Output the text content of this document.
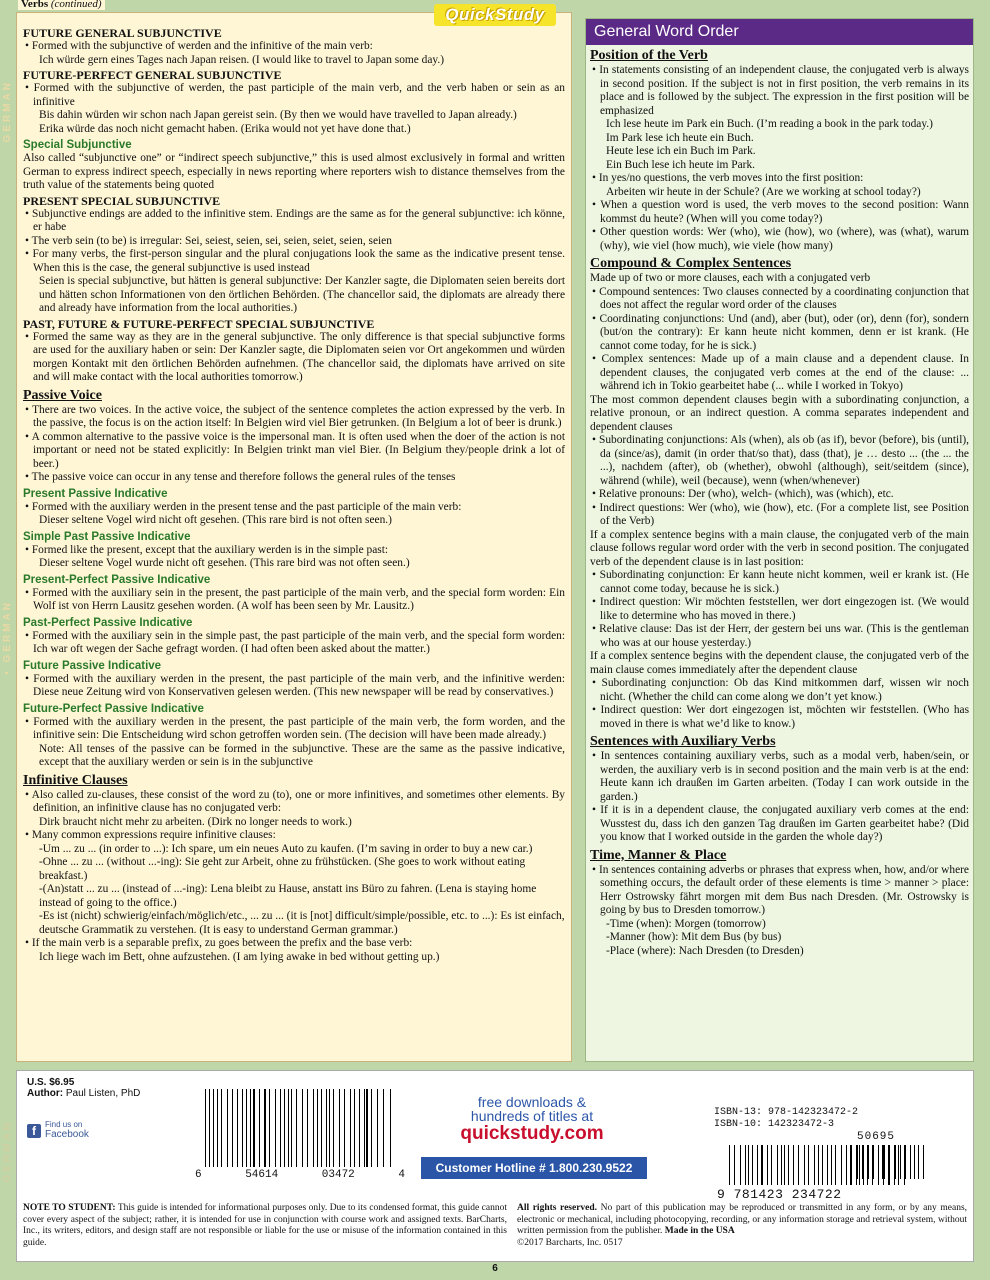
FUTURE GENERAL SUBJUNCTIVE

• Formed with the subjunctive of werden and the infinitive of the main verb:

Ich würde gern eines Tages nach Japan reisen. (I would like to travel to Japan some day.)

FUTURE-PERFECT GENERAL SUBJUNCTIVE

• Formed with the subjunctive of werden, the past participle of the main verb, and the verb haben or sein as an infinitive

Bis dahin würden wir schon nach Japan gereist sein. (By then we would have travelled to Japan already.)

Erika würde das noch nicht gemacht haben. (Erika would not yet have done that.)

Special Subjunctive

Also called “subjunctive one” or “indirect speech subjunctive,” this is used almost exclusively in formal and written German to express indirect speech, especially in news reporting where reporters wish to distance themselves from the truth value of the statements being quoted

PRESENT SPECIAL SUBJUNCTIVE

• Subjunctive endings are added to the infinitive stem. Endings are the same as for the general subjunctive: ich könne, er habe

• The verb sein (to be) is irregular: Sei, seiest, seien, sei, seien, seiet, seien, seien

• For many verbs, the first-person singular and the plural conjugations look the same as the indicative present tense. When this is the case, the general subjunctive is used instead

Seien is special subjunctive, but hätten is general subjunctive: Der Kanzler sagte, die Diplomaten seien bereits dort und hätten schon Informationen von den örtlichen Behörden. (The chancellor said, the diplomats are already there and already have information from the local authorities.)

PAST, FUTURE & FUTURE-PERFECT SPECIAL SUBJUNCTIVE

• Formed the same way as they are in the general subjunctive. The only difference is that special subjunctive forms are used for the auxiliary haben or sein: Der Kanzler sagte, die Diplomaten seien vor Ort angekommen und würden morgen Kontakt mit den örtlichen Behörden aufnehmen. (The chancellor said, the diplomats have arrived on site and will make contact with the local authorities tomorrow.)

Passive Voice

• There are two voices. In the active voice, the subject of the sentence completes the action expressed by the verb. In the passive, the focus is on the action itself: In Belgien wird viel Bier getrunken. (In Belgium a lot of beer is drunk.)

• A common alternative to the passive voice is the impersonal man. It is often used when the doer of the action is not important or need not be stated explicitly: In Belgien trinkt man viel Bier. (In Belgium they/people drink a lot of beer.)

• The passive voice can occur in any tense and therefore follows the general rules of the tenses

Present Passive Indicative

• Formed with the auxiliary werden in the present tense and the past participle of the main verb:

Dieser seltene Vogel wird nicht oft gesehen. (This rare bird is not often seen.)

Simple Past Passive Indicative

• Formed like the present, except that the auxiliary werden is in the simple past:

Dieser seltene Vogel wurde nicht oft gesehen. (This rare bird was not often seen.)

Present-Perfect Passive Indicative

• Formed with the auxiliary sein in the present, the past participle of the main verb, and the special form worden: Ein Wolf ist von Herrn Lausitz gesehen worden. (A wolf has been seen by Mr. Lausitz.)

Past-Perfect Passive Indicative

• Formed with the auxiliary sein in the simple past, the past participle of the main verb, and the special form worden: Ich war oft wegen der Sache gefragt worden. (I had often been asked about the matter.)

Future Passive Indicative

• Formed with the auxiliary werden in the present, the past participle of the main verb, and the infinitive werden: Diese neue Zeitung wird von Konservativen gelesen werden. (This new newspaper will be read by conservatives.)

Future-Perfect Passive Indicative

• Formed with the auxiliary werden in the present, the past participle of the main verb, the form worden, and the infinitive sein: Die Entscheidung wird schon getroffen worden sein. (The decision will have been made already.)

Note: All tenses of the passive can be formed in the subjunctive. These are the same as the passive indicative, except that the auxiliary werden or sein is in the subjunctive

Infinitive Clauses

• Also called zu-clauses, these consist of the word zu (to), one or more infinitives, and sometimes other elements. By definition, an infinitive clause has no conjugated verb:

Dirk braucht nicht mehr zu arbeiten. (Dirk no longer needs to work.)

• Many common expressions require infinitive clauses:

-Um ... zu ... (in order to ...): Ich spare, um ein neues Auto zu kaufen. (I’m saving in order to buy a new car.)

-Ohne ... zu ... (without ...-ing): Sie geht zur Arbeit, ohne zu frühstücken. (She goes to work without eating breakfast.)

-(An)statt ... zu ... (instead of ...-ing): Lena bleibt zu Hause, anstatt ins Büro zu fahren. (Lena is staying home instead of going to the office.)

-Es ist (nicht) schwierig/einfach/möglich/etc., ... zu ... (it is [not] difficult/simple/possible, etc. to ...): Es ist einfach, deutsche Grammatik zu verstehen. (It is easy to understand German grammar.)

• If the main verb is a separable prefix, zu goes between the prefix and the base verb:

Ich liege wach im Bett, ohne aufzustehen. (I am lying awake in bed without getting up.)

Verbs (continued)
QuickStudy
GERMAN
• GERMAN
GERMAN
General Word Order
Position of the Verb

• In statements consisting of an independent clause, the conjugated verb is always in second position. If the subject is not in first position, the verb remains in its place and is followed by the subject. The expression in the first position will be emphasized

Ich lese heute im Park ein Buch. (I’m reading a book in the park today.)

Im Park lese ich heute ein Buch.

Heute lese ich ein Buch im Park.

Ein Buch lese ich heute im Park.

• In yes/no questions, the verb moves into the first position:

Arbeiten wir heute in der Schule? (Are we working at school today?)

• When a question word is used, the verb moves to the second position: Wann kommst du heute? (When will you come today?)

• Other question words: Wer (who), wie (how), wo (where), was (what), warum (why), wie viel (how much), wie viele (how many)

Compound & Complex Sentences

Made up of two or more clauses, each with a conjugated verb

• Compound sentences: Two clauses connected by a coordinating conjunction that does not affect the regular word order of the clauses

• Coordinating conjunctions: Und (and), aber (but), oder (or), denn (for), sondern (but/on the contrary): Er kann heute nicht kommen, denn er ist krank. (He cannot come today, for he is sick.)

• Complex sentences: Made up of a main clause and a dependent clause. In dependent clauses, the conjugated verb comes at the end of the clause: ... während ich in Tokio gearbeitet habe (... while I worked in Tokyo)

The most common dependent clauses begin with a subordinating conjunction, a relative pronoun, or an indirect question. A comma separates independent and dependent clauses

• Subordinating conjunctions: Als (when), als ob (as if), bevor (before), bis (until), da (since/as), damit (in order that/so that), dass (that), je … desto ... (the ... the ...), nachdem (after), ob (whether), obwohl (although), seit/seitdem (since), während (while), weil (because), wenn (when/whenever)

• Relative pronouns: Der (who), welch- (which), was (which), etc.

• Indirect questions: Wer (who), wie (how), etc. (For a complete list, see Position of the Verb)

If a complex sentence begins with a main clause, the conjugated verb of the main clause follows regular word order with the verb in second position. The conjugated verb of the dependent clause is in last position:

• Subordinating conjunction: Er kann heute nicht kommen, weil er krank ist. (He cannot come today, because he is sick.)

• Indirect question: Wir möchten feststellen, wer dort eingezogen ist. (We would like to determine who has moved in there.)

• Relative clause: Das ist der Herr, der gestern bei uns war. (This is the gentleman who was at our house yesterday.)

If a complex sentence begins with the dependent clause, the conjugated verb of the main clause comes immediately after the dependent clause

• Subordinating conjunction: Ob das Kind mitkommen darf, wissen wir noch nicht. (Whether the child can come along we don’t yet know.)

• Indirect question: Wer dort eingezogen ist, möchten wir feststellen. (Who has moved in there is what we’d like to know.)

Sentences with Auxiliary Verbs

• In sentences containing auxiliary verbs, such as a modal verb, haben/sein, or werden, the auxiliary verb is in second position and the main verb is at the end: Heute kann ich draußen im Garten arbeiten. (Today I can work outside in the garden.)

• If it is in a dependent clause, the conjugated auxiliary verb comes at the end: Wusstest du, dass ich den ganzen Tag draußen im Garten gearbeitet habe? (Did you know that I worked outside in the garden the whole day?)

Time, Manner & Place

• In sentences containing adverbs or phrases that express when, how, and/or where something occurs, the default order of these elements is time > manner > place: Herr Ostrowsky fährt morgen mit dem Bus nach Dresden. (Mr. Ostrowsky is going by bus to Dresden tomorrow.)

-Time (when): Morgen (tomorrow)

-Manner (how): Mit dem Bus (by bus)

-Place (where): Nach Dresden (to Dresden)

U.S. $6.95
Author: Paul Listen, PhD
f	Find us on
Facebook
6	54614	03472	4
free downloads &
hundreds of titles at
quickstudy.com
Customer Hotline # 1.800.230.9522
ISBN-13: 978-142323472-2
ISBN-10: 142323472-3
50695
9 781423 234722
NOTE TO STUDENT: This guide is intended for informational purposes only. Due to its condensed format, this guide cannot cover every aspect of the subject; rather, it is intended for use in conjunction with course work and assigned texts. BarCharts, Inc., its writers, editors, and design staff are not responsible or liable for the use or misuse of the information contained in this guide.
All rights reserved. No part of this publication may be reproduced or transmitted in any form, or by any means, electronic or mechanical, including photocopying, recording, or any information storage and retrieval system, without written permission from the publisher. Made in the USA
©2017 Barcharts, Inc. 0517
6
